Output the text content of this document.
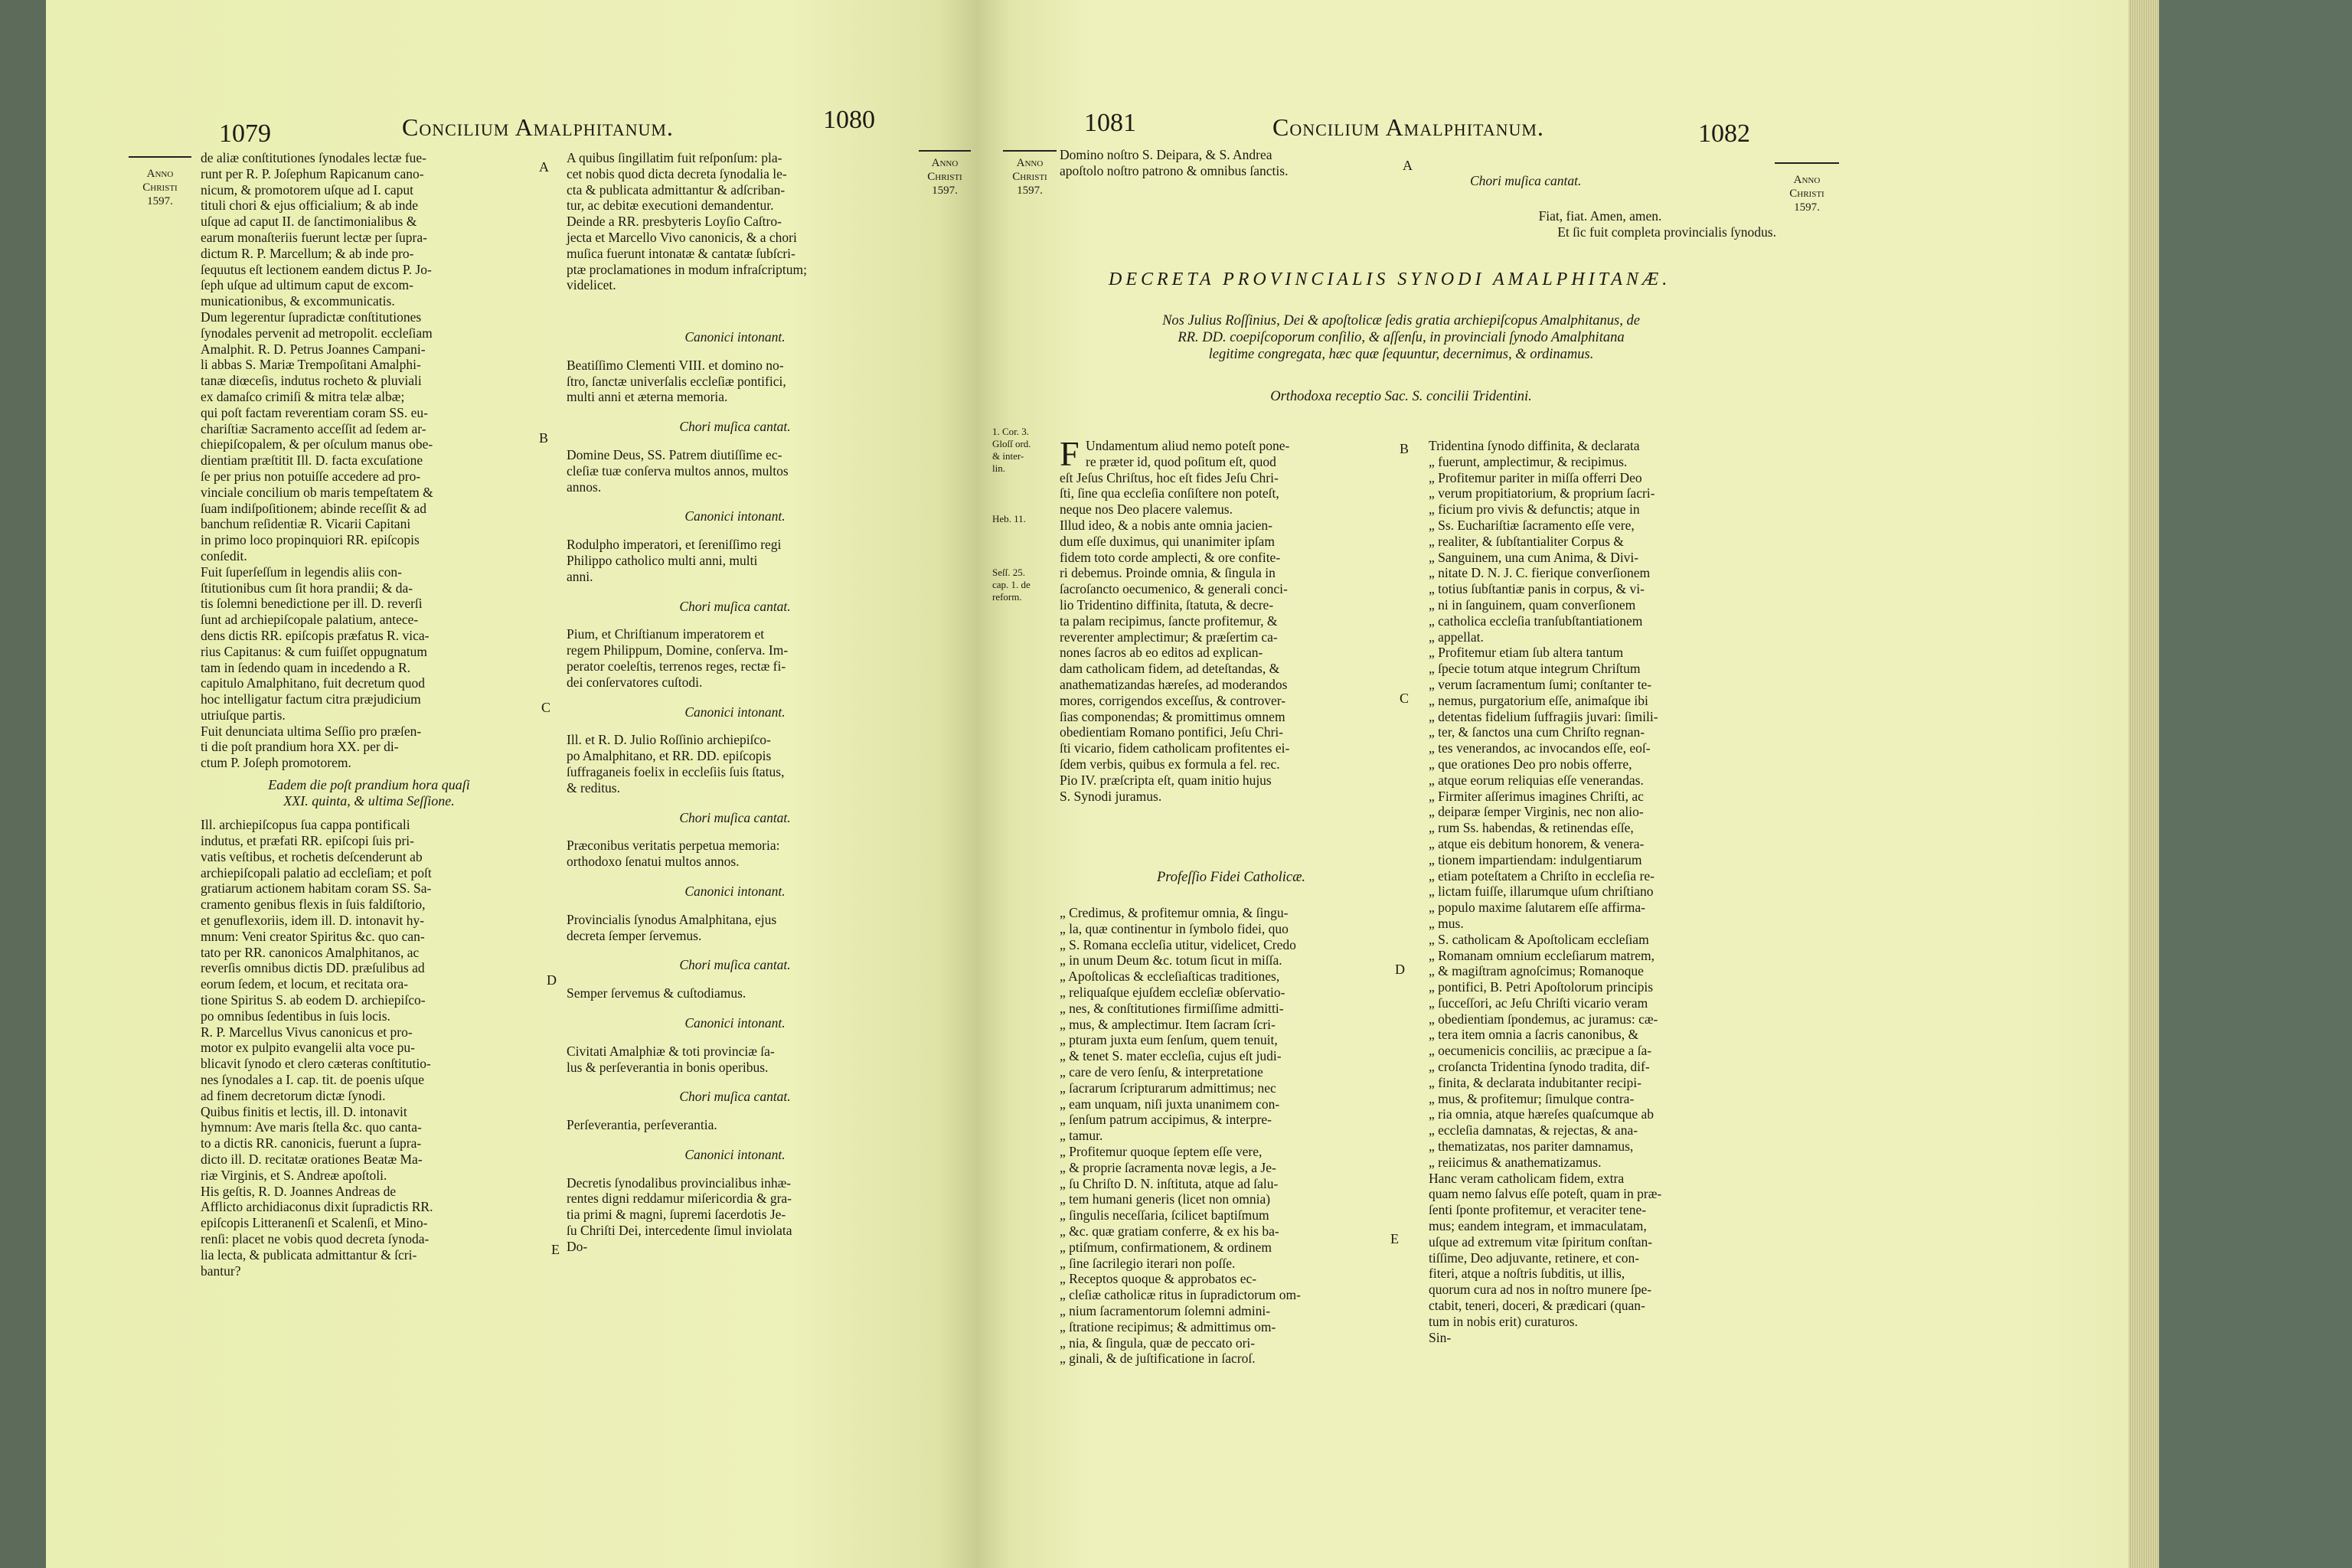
1079	Concilium Amalphitanum.	1080
Anno
Christi
1597.
Anno
Christi
1597.
de aliæ conſtitutiones ſynodales lectæ fue-
runt per R. P. Joſephum Rapicanum cano-
nicum, & promotorem uſque ad I. caput
tituli chori & ejus officialium; & ab inde
uſque ad caput II. de ſanctimonialibus &
earum monaſteriis fuerunt lectæ per ſupra-
dictum R. P. Marcellum; & ab inde pro-
ſequutus eſt lectionem eandem dictus P. Jo-
ſeph uſque ad ultimum caput de excom-
municationibus, & excommunicatis.
Dum legerentur ſupradictæ conſtitutiones
ſynodales pervenit ad metropolit. eccleſiam
Amalphit. R. D. Petrus Joannes Campani-
li abbas S. Mariæ Trempoſitani Amalphi-
tanæ diœceſis, indutus rocheto & pluviali
ex damaſco crimiſi & mitra telæ albæ;
qui poſt factam reverentiam coram SS. eu-
chariſtiæ Sacramento acceſſit ad ſedem ar-
chiepiſcopalem, & per oſculum manus obe-
dientiam præſtitit Ill. D. facta excuſatione
ſe per prius non potuiſſe accedere ad pro-
vinciale concilium ob maris tempeſtatem &
ſuam indiſpoſitionem; abinde receſſit & ad
banchum reſidentiæ R. Vicarii Capitani
in primo loco propinquiori RR. epiſcopis
conſedit.
Fuit ſuperſeſſum in legendis aliis con-
ſtitutionibus cum ſit hora prandii; & da-
tis ſolemni benedictione per ill. D. reverſi
ſunt ad archiepiſcopale palatium, antece-
dens dictis RR. epiſcopis præfatus R. vica-
rius Capitanus: & cum fuiſſet oppugnatum
tam in ſedendo quam in incedendo a R.
capitulo Amalphitano, fuit decretum quod
hoc intelligatur factum citra præjudicium
utriuſque partis.
Fuit denunciata ultima Seſſio pro præſen-
ti die poſt prandium hora XX. per di-
ctum P. Joſeph promotorem.
Eadem die poſt prandium hora quaſi
XXI. quinta, & ultima Seſſione.
Ill. archiepiſcopus ſua cappa pontificali
indutus, et præfati RR. epiſcopi ſuis pri-
vatis veſtibus, et rochetis deſcenderunt ab
archiepiſcopali palatio ad eccleſiam; et poſt
gratiarum actionem habitam coram SS. Sa-
cramento genibus flexis in ſuis faldiſtorio,
et genuflexoriis, idem ill. D. intonavit hy-
mnum: Veni creator Spiritus &c. quo can-
tato per RR. canonicos Amalphitanos, ac
reverſis omnibus dictis DD. præſulibus ad
eorum ſedem, et locum, et recitata ora-
tione Spiritus S. ab eodem D. archiepiſco-
po omnibus ſedentibus in ſuis locis.
R. P. Marcellus Vivus canonicus et pro-
motor ex pulpito evangelii alta voce pu-
blicavit ſynodo et clero cæteras conſtitutio-
nes ſynodales a I. cap. tit. de poenis uſque
ad finem decretorum dictæ ſynodi.
Quibus finitis et lectis, ill. D. intonavit
hymnum: Ave maris ſtella &c. quo canta-
to a dictis RR. canonicis, fuerunt a ſupra-
dicto ill. D. recitatæ orationes Beatæ Ma-
riæ Virginis, et S. Andreæ apoſtoli.
His geſtis, R. D. Joannes Andreas de
Afflicto archidiaconus dixit ſupradictis RR.
epiſcopis Litteranenſi et Scalenſi, et Mino-
renſi: placet ne vobis quod decreta ſynoda-
lia lecta, & publicata admittantur & ſcri-
bantur?
A quibus ſingillatim fuit reſponſum: pla-
cet nobis quod dicta decreta ſynodalia le-
cta & publicata admittantur & adſcriban-
tur, ac debitæ executioni demandentur.
Deinde a RR. presbyteris Loyſio Caſtro-
jecta et Marcello Vivo canonicis, & a chori
muſica fuerunt intonatæ & cantatæ ſubſcri-
ptæ proclamationes in modum infraſcriptum;
videlicet.
Canonici intonant.
Beatiſſimo Clementi VIII. et domino no-
ſtro, ſanctæ univerſalis eccleſiæ pontifici,
multi anni et æterna memoria.
Chori muſica cantat.
Domine Deus, SS. Patrem diutiſſime ec-
cleſiæ tuæ conſerva multos annos, multos
annos.
Canonici intonant.
Rodulpho imperatori, et ſereniſſimo regi
Philippo catholico multi anni, multi
anni.
Chori muſica cantat.
Pium, et Chriſtianum imperatorem et
regem Philippum, Domine, conſerva. Im-
perator coeleſtis, terrenos reges, rectæ fi-
dei conſervatores cuſtodi.
Canonici intonant.
Ill. et R. D. Julio Roſſinio archiepiſco-
po Amalphitano, et RR. DD. epiſcopis
ſuffraganeis foelix in eccleſiis ſuis ſtatus,
& reditus.
Chori muſica cantat.
Præconibus veritatis perpetua memoria:
orthodoxo ſenatui multos annos.
Canonici intonant.
Provincialis ſynodus Amalphitana, ejus
decreta ſemper ſervemus.
Chori muſica cantat.
Semper ſervemus & cuſtodiamus.
Canonici intonant.
Civitati Amalphiæ & toti provinciæ ſa-
lus & perſeverantia in bonis operibus.
Chori muſica cantat.
Perſeverantia, perſeverantia.
Canonici intonant.
Decretis ſynodalibus provincialibus inhæ-
rentes digni reddamur miſericordia & gra-
tia primi & magni, ſupremi ſacerdotis Je-
ſu Chriſti Dei, intercedente ſimul inviolata
Do-
A
B
C
D
E
1081	Concilium Amalphitanum.	1082
Anno
Christi
1597.
Anno
Christi
1597.
Domino noſtro S. Deipara, & S. Andrea
apoſtolo noſtro patrono & omnibus ſanctis.	A
Chori muſica cantat.
Fiat, fiat. Amen, amen.
Et ſic fuit completa provincialis ſynodus.
DECRETA PROVINCIALIS SYNODI AMALPHITANÆ.
Nos Julius Roſſinius, Dei & apoſtolicæ ſedis gratia archiepiſcopus Amalphitanus, de
RR. DD. coepiſcoporum conſilio, & aſſenſu, in provinciali ſynodo Amalphitana
legitime congregata, hæc quæ ſequuntur, decernimus, & ordinamus.
Orthodoxa receptio Sac. S. concilii Tridentini.
1. Cor. 3.
Gloſſ ord.
& inter-
lin.
Heb. 11.
Seſſ. 25.
cap. 1. de
reform.
Undamentum aliud nemo poteſt pone-
re præter id, quod poſitum eſt, quod
eſt Jeſus Chriſtus, hoc eſt fides Jeſu Chri-
ſti, ſine qua eccleſia conſiſtere non poteſt,
neque nos Deo placere valemus.
Illud ideo, & a nobis ante omnia jacien-
dum eſſe duximus, qui unanimiter ipſam
fidem toto corde amplecti, & ore confite-
ri debemus. Proinde omnia, & ſingula in
ſacroſancto oecumenico, & generali conci-
lio Tridentino diffinita, ſtatuta, & decre-
ta palam recipimus, ſancte profitemur, &
reverenter amplectimur; & præſertim ca-
nones ſacros ab eo editos ad explican-
dam catholicam fidem, ad deteſtandas, &
anathematizandas hæreſes, ad moderandos
mores, corrigendos exceſſus, & controver-
ſias componendas; & promittimus omnem
obedientiam Romano pontifici, Jeſu Chri-
ſti vicario, fidem catholicam profitentes ei-
ſdem verbis, quibus ex formula a fel. rec.
Pio IV. præſcripta eſt, quam initio hujus
S. Synodi juramus.
F
Profeſſio Fidei Catholicæ.
„ Credimus, & profitemur omnia, & ſingu-
„ la, quæ continentur in ſymbolo fidei, quo
„ S. Romana eccleſia utitur, videlicet, Credo
„ in unum Deum &c. totum ſicut in miſſa.
„ Apoſtolicas & eccleſiaſticas traditiones,
„ reliquaſque ejuſdem eccleſiæ obſervatio-
„ nes, & conſtitutiones firmiſſime admitti-
„ mus, & amplectimur. Item ſacram ſcri-
„ pturam juxta eum ſenſum, quem tenuit,
„ & tenet S. mater eccleſia, cujus eſt judi-
„ care de vero ſenſu, & interpretatione
„ ſacrarum ſcripturarum admittimus; nec
„ eam unquam, niſi juxta unanimem con-
„ ſenſum patrum accipimus, & interpre-
„ tamur.
„ Profitemur quoque ſeptem eſſe vere,
„ & proprie ſacramenta novæ legis, a Je-
„ ſu Chriſto D. N. inſtituta, atque ad ſalu-
„ tem humani generis (licet non omnia)
„ ſingulis neceſſaria, ſcilicet baptiſmum
„ &c. quæ gratiam conferre, & ex his ba-
„ ptiſmum, confirmationem, & ordinem
„ ſine ſacrilegio iterari non poſſe.
„ Receptos quoque & approbatos ec-
„ cleſiæ catholicæ ritus in ſupradictorum om-
„ nium ſacramentorum ſolemni admini-
„ ſtratione recipimus; & admittimus om-
„ nia, & ſingula, quæ de peccato ori-
„ ginali, & de juſtificatione in ſacroſ.
Tridentina ſynodo diffinita, & declarata
„ fuerunt, amplectimur, & recipimus.
„ Profitemur pariter in miſſa offerri Deo
„ verum propitiatorium, & proprium ſacri-
„ ficium pro vivis & defunctis; atque in
„ Ss. Euchariſtiæ ſacramento eſſe vere,
„ realiter, & ſubſtantialiter Corpus &
„ Sanguinem, una cum Anima, & Divi-
„ nitate D. N. J. C. fierique converſionem
„ totius ſubſtantiæ panis in corpus, & vi-
„ ni in ſanguinem, quam converſionem
„ catholica eccleſia tranſubſtantiationem
„ appellat.
„ Profitemur etiam ſub altera tantum
„ ſpecie totum atque integrum Chriſtum
„ verum ſacramentum ſumi; conſtanter te-
„ nemus, purgatorium eſſe, animaſque ibi
„ detentas fidelium ſuffragiis juvari: ſimili-
„ ter, & ſanctos una cum Chriſto regnan-
„ tes venerandos, ac invocandos eſſe, eoſ-
„ que orationes Deo pro nobis offerre,
„ atque eorum reliquias eſſe venerandas.
„ Firmiter aſſerimus imagines Chriſti, ac
„ deiparæ ſemper Virginis, nec non alio-
„ rum Ss. habendas, & retinendas eſſe,
„ atque eis debitum honorem, & venera-
„ tionem impartiendam: indulgentiarum
„ etiam poteſtatem a Chriſto in eccleſia re-
„ lictam fuiſſe, illarumque uſum chriſtiano
„ populo maxime ſalutarem eſſe affirma-
„ mus.
„ S. catholicam & Apoſtolicam eccleſiam
„ Romanam omnium eccleſiarum matrem,
„ & magiſtram agnoſcimus; Romanoque
„ pontifici, B. Petri Apoſtolorum principis
„ ſucceſſori, ac Jeſu Chriſti vicario veram
„ obedientiam ſpondemus, ac juramus: cæ-
„ tera item omnia a ſacris canonibus, &
„ oecumenicis conciliis, ac præcipue a ſa-
„ croſancta Tridentina ſynodo tradita, dif-
„ finita, & declarata indubitanter recipi-
„ mus, & profitemur; ſimulque contra-
„ ria omnia, atque hæreſes quaſcumque ab
„ eccleſia damnatas, & rejectas, & ana-
„ thematizatas, nos pariter damnamus,
„ reiicimus & anathematizamus.
Hanc veram catholicam fidem, extra
quam nemo ſalvus eſſe poteſt, quam in præ-
ſenti ſponte profitemur, et veraciter tene-
mus; eandem integram, et immaculatam,
uſque ad extremum vitæ ſpiritum conſtan-
tiſſime, Deo adjuvante, retinere, et con-
fiteri, atque a noſtris ſubditis, ut illis,
quorum cura ad nos in noſtro munere ſpe-
ctabit, teneri, doceri, & prædicari (quan-
tum in nobis erit) curaturos.
Sin-
B
C
D
E
